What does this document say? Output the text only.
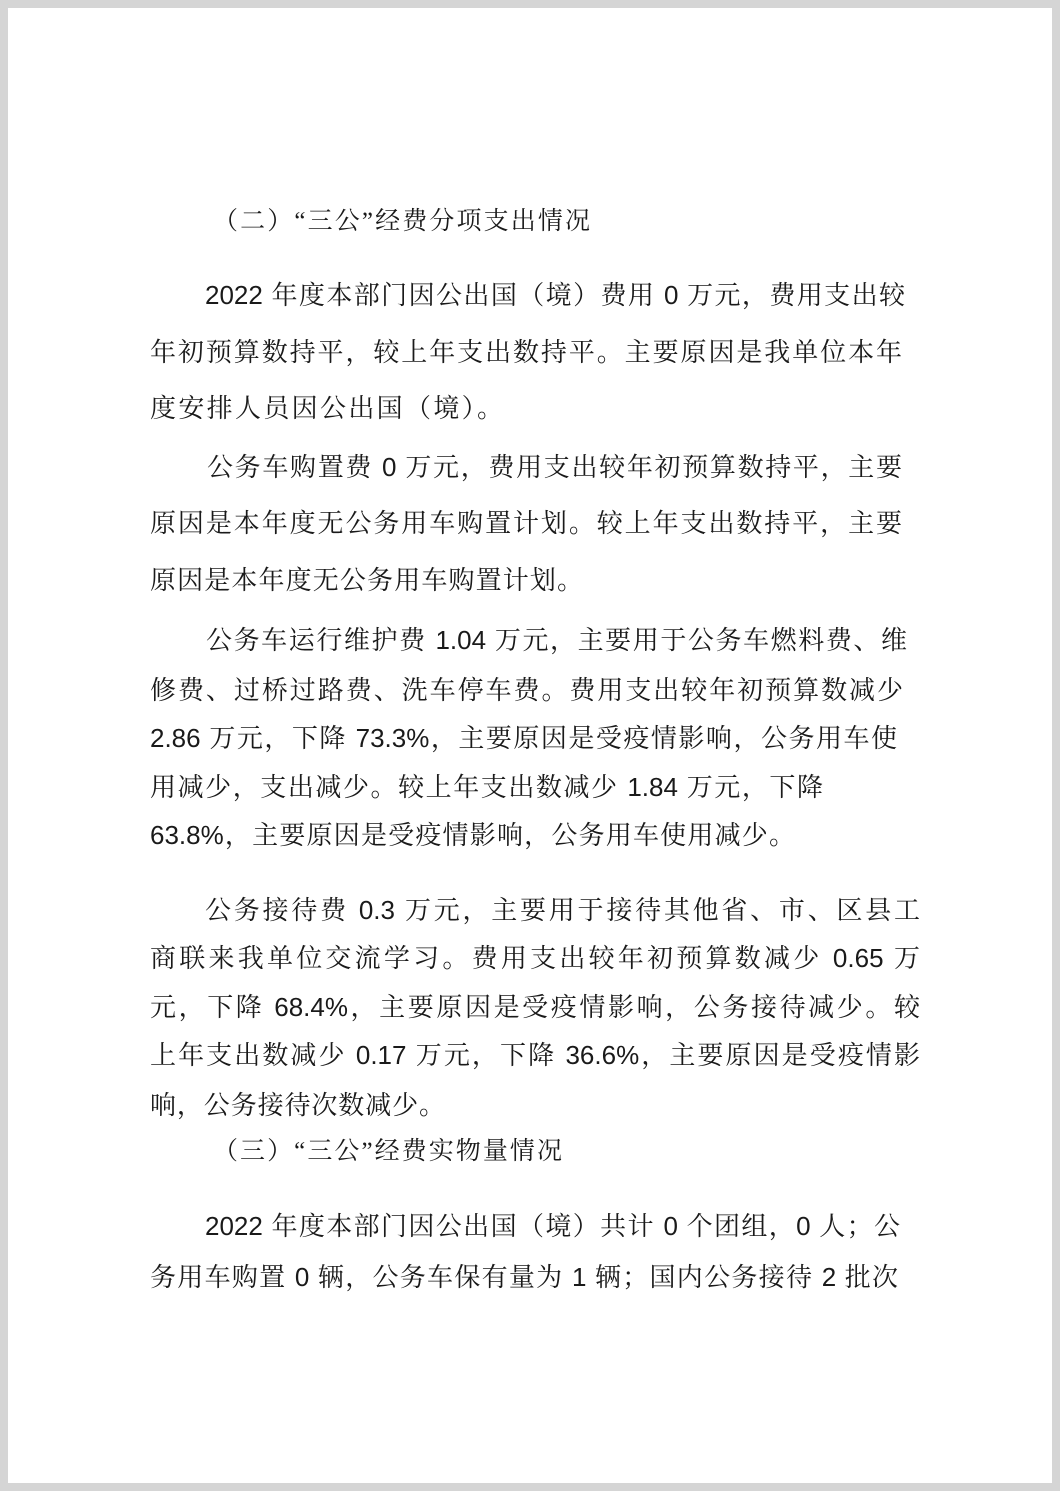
（二）“三公”经费分项支出情况
2022 年度本部门因公出国（境）费用 0 万元，费用支出较
年初预算数持平，较上年支出数持平。主要原因是我单位本年
度安排人员因公出国（境）。
公务车购置费 0 万元，费用支出较年初预算数持平，主要
原因是本年度无公务用车购置计划。较上年支出数持平，主要
原因是本年度无公务用车购置计划。
公务车运行维护费 1.04 万元，主要用于公务车燃料费、维
修费、过桥过路费、洗车停车费。费用支出较年初预算数减少
2.86 万元，下降 73.3%，主要原因是受疫情影响，公务用车使
用减少，支出减少。较上年支出数减少 1.84 万元，下降
63.8%，主要原因是受疫情影响，公务用车使用减少。
公务接待费 0.3 万元，主要用于接待其他省、市、区县工
商联来我单位交流学习。费用支出较年初预算数减少 0.65 万
元，下降 68.4%，主要原因是受疫情影响，公务接待减少。较
上年支出数减少 0.17 万元，下降 36.6%，主要原因是受疫情影
响，公务接待次数减少。
（三）“三公”经费实物量情况
2022 年度本部门因公出国（境）共计 0 个团组，0 人；公
务用车购置 0 辆，公务车保有量为 1 辆；国内公务接待 2 批次
